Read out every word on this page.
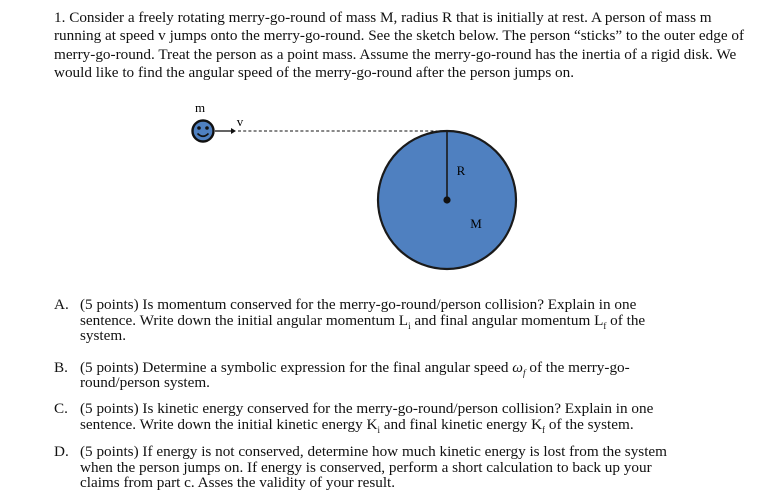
1. Consider a freely rotating merry-go-round of mass M, radius R that is initially at rest. A person of mass m running at speed v jumps onto the merry-go-round. See the sketch below. The person “sticks” to the outer edge of merry-go-round. Treat the person as a point mass. Assume the merry-go-round has the inertia of a rigid disk. We would like to find the angular speed of the merry-go-round after the person jumps on.
m
v
R
M
A. (5 points) Is momentum conserved for the merry-go-round/person collision? Explain in one sentence. Write down the initial angular momentum $L_i$ and final angular momentum $L_f$ of the system.
B. (5 points) Determine a symbolic expression for the final angular speed $\omega_f$ of the merry-go-round/person system.
C. (5 points) Is kinetic energy conserved for the merry-go-round/person collision? Explain in one sentence. Write down the initial kinetic energy $K_i$ and final kinetic energy $K_f$ of the system.
D. (5 points) If energy is not conserved, determine how much kinetic energy is lost from the system when the person jumps on. If energy is conserved, perform a short calculation to back up your claims from part c. Asses the validity of your result.
